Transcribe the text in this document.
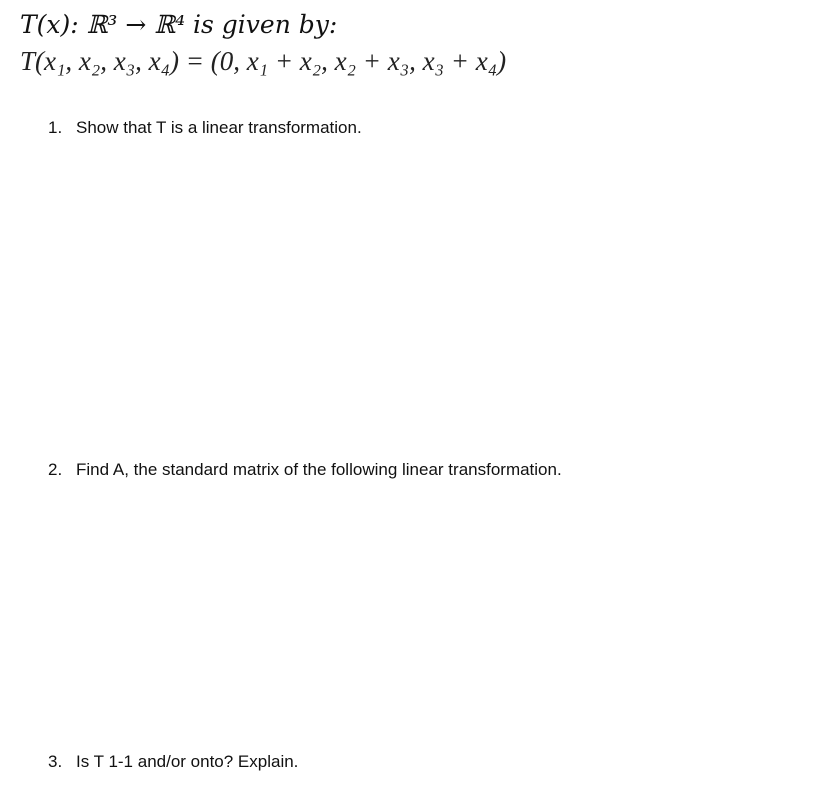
T(x): ℝ³ → ℝ⁴ is given by:
T(x₁, x₂, x₃, x₄) = (0, x₁ + x₂, x₂ + x₃, x₃ + x₄)
1. Show that T is a linear transformation.
2. Find A, the standard matrix of the following linear transformation.
3. Is T 1-1 and/or onto? Explain.
